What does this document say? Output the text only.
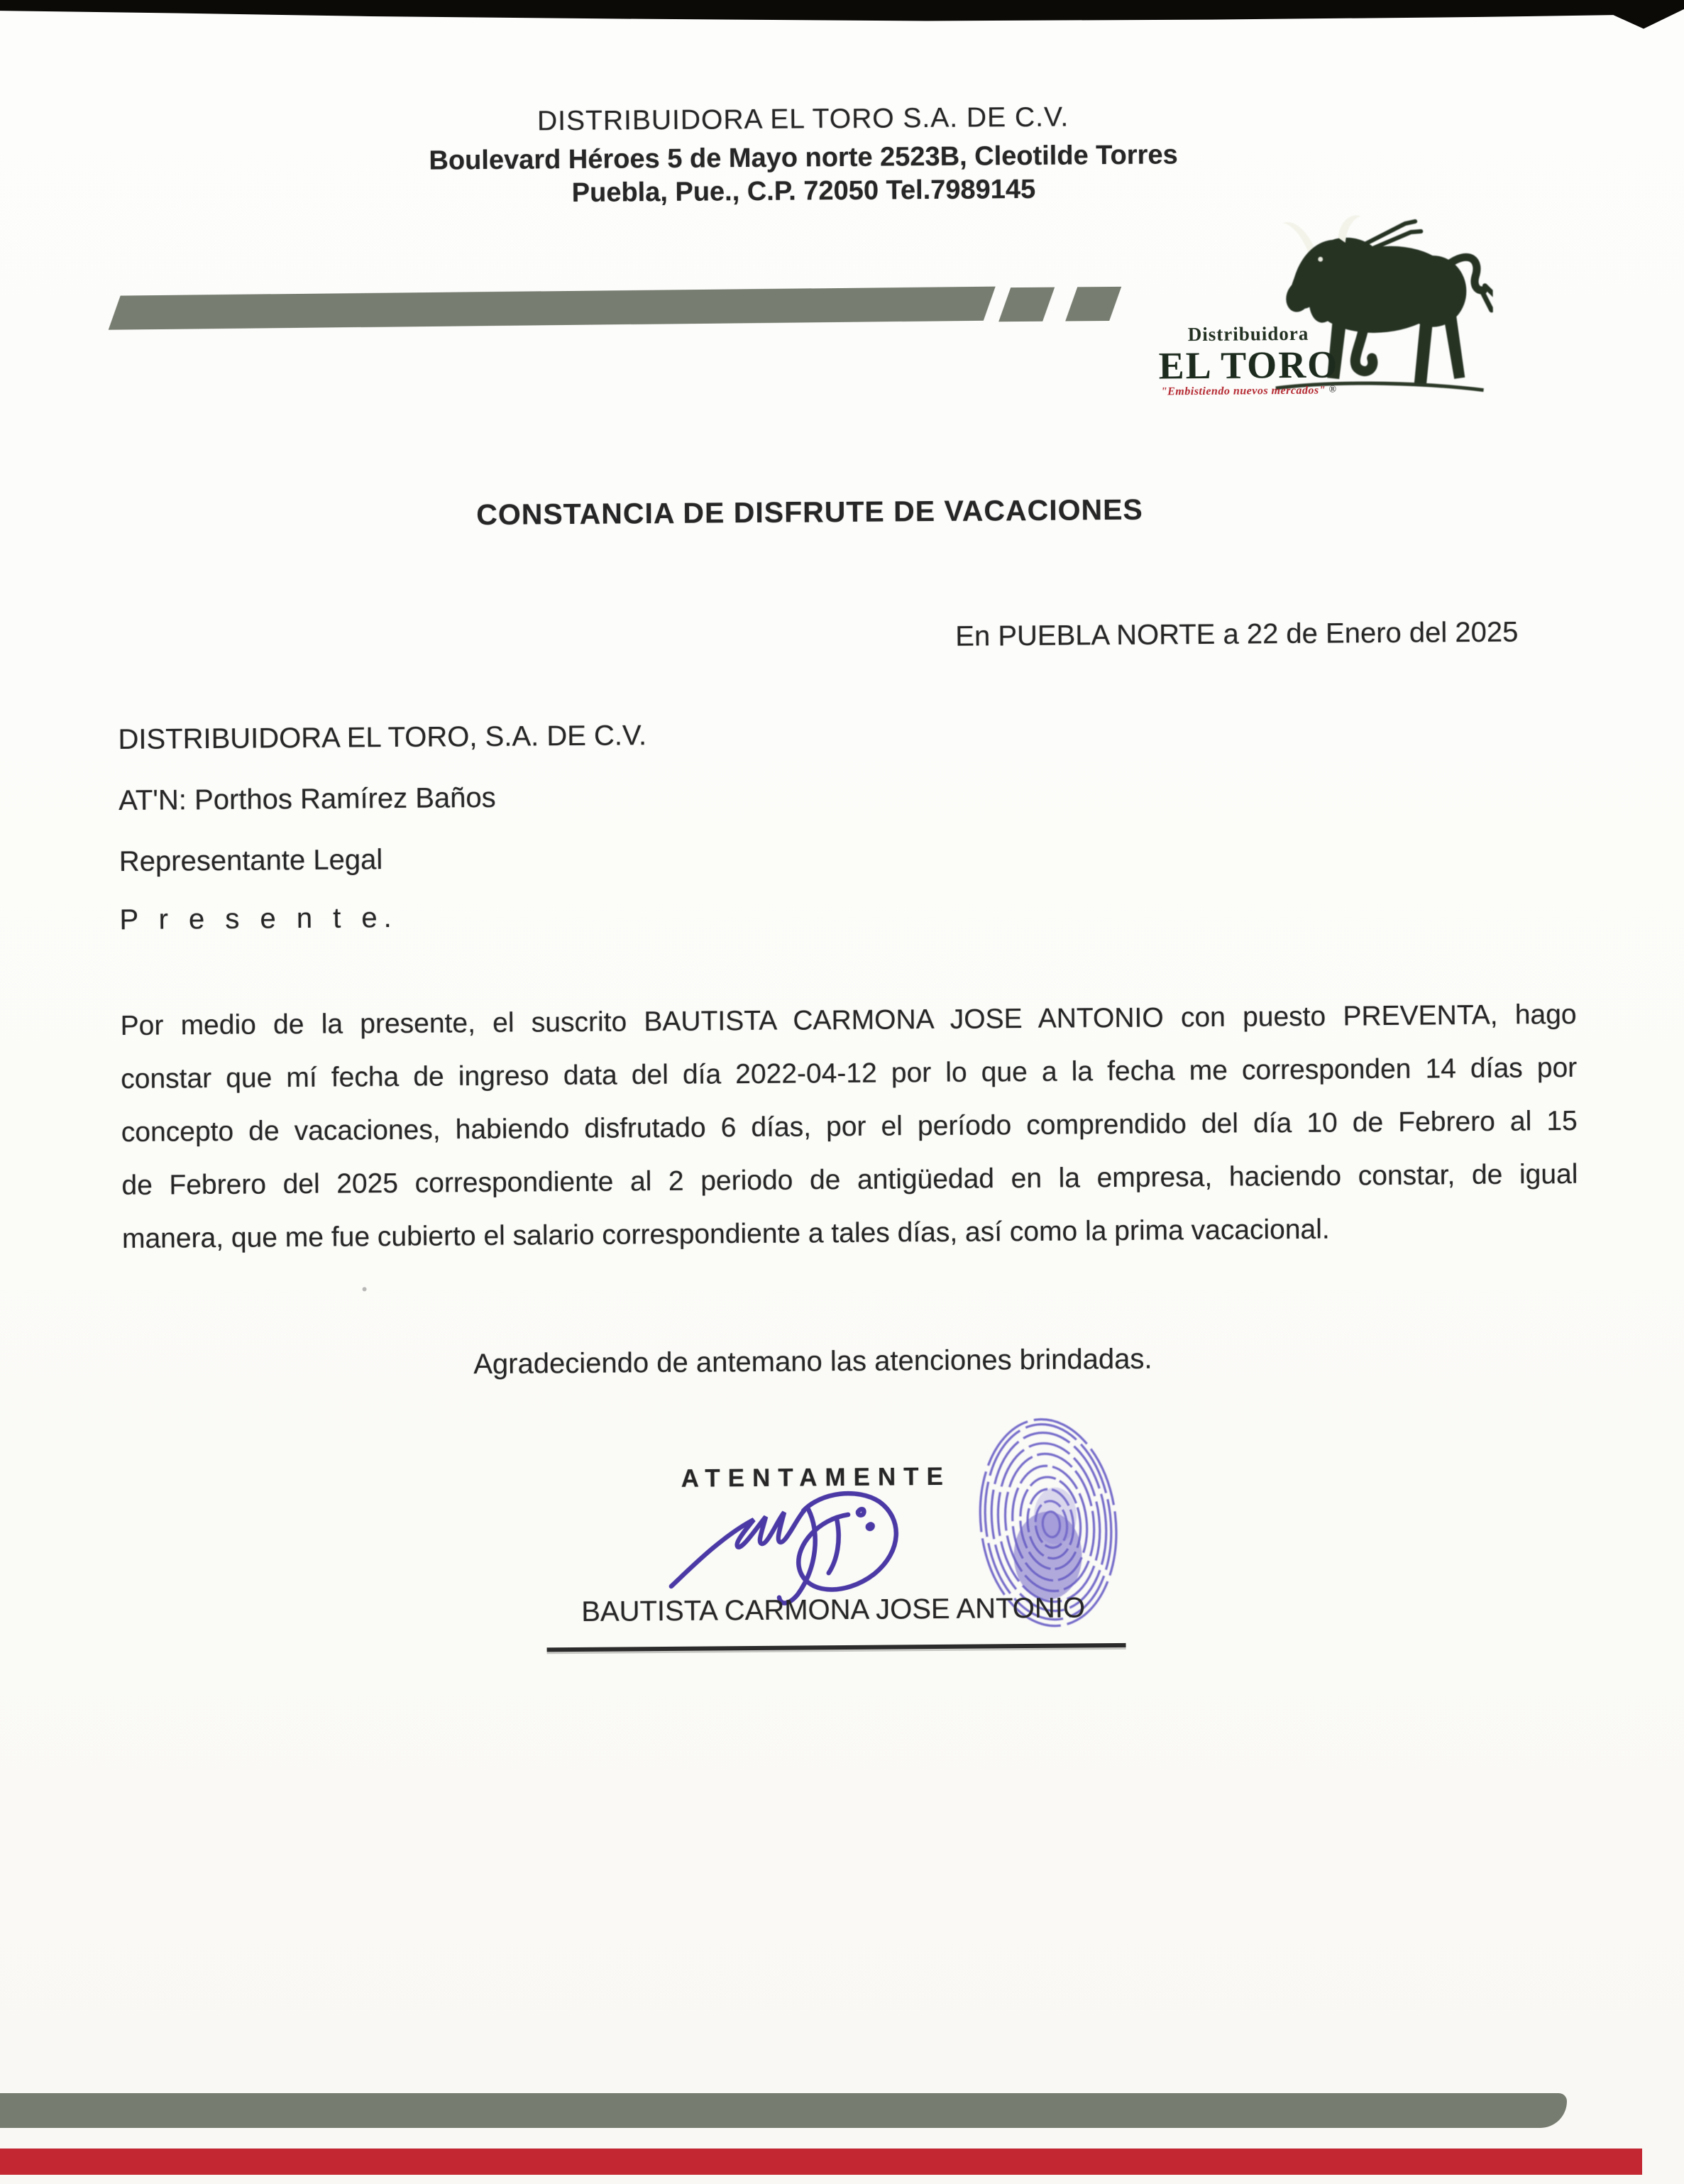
DISTRIBUIDORA EL TORO S.A. DE C.V.
Boulevard Héroes 5 de Mayo norte 2523B, Cleotilde Torres
Puebla, Pue., C.P. 72050 Tel.7989145
Distribuidora
EL TORO
"Embistiendo nuevos mercados" ®
CONSTANCIA DE DISFRUTE DE VACACIONES
En PUEBLA NORTE a 22 de Enero del 2025
DISTRIBUIDORA EL TORO, S.A. DE C.V.
AT'N: Porthos Ramírez Baños
Representante Legal
P r e s e n t e.
Por medio de la presente, el suscrito BAUTISTA CARMONA JOSE ANTONIO con puesto PREVENTA, hago
constar que mí fecha de ingreso data del día 2022-04-12 por lo que a la fecha me corresponden 14 días por
concepto de vacaciones, habiendo disfrutado 6 días, por el período comprendido del día 10 de Febrero al 15
de Febrero del 2025 correspondiente al 2 periodo de antigüedad en la empresa, haciendo constar, de igual
manera, que me fue cubierto el salario correspondiente a tales días, así como la prima vacacional.
Agradeciendo de antemano las atenciones brindadas.
ATENTAMENTE
BAUTISTA CARMONA JOSE ANTONIO
